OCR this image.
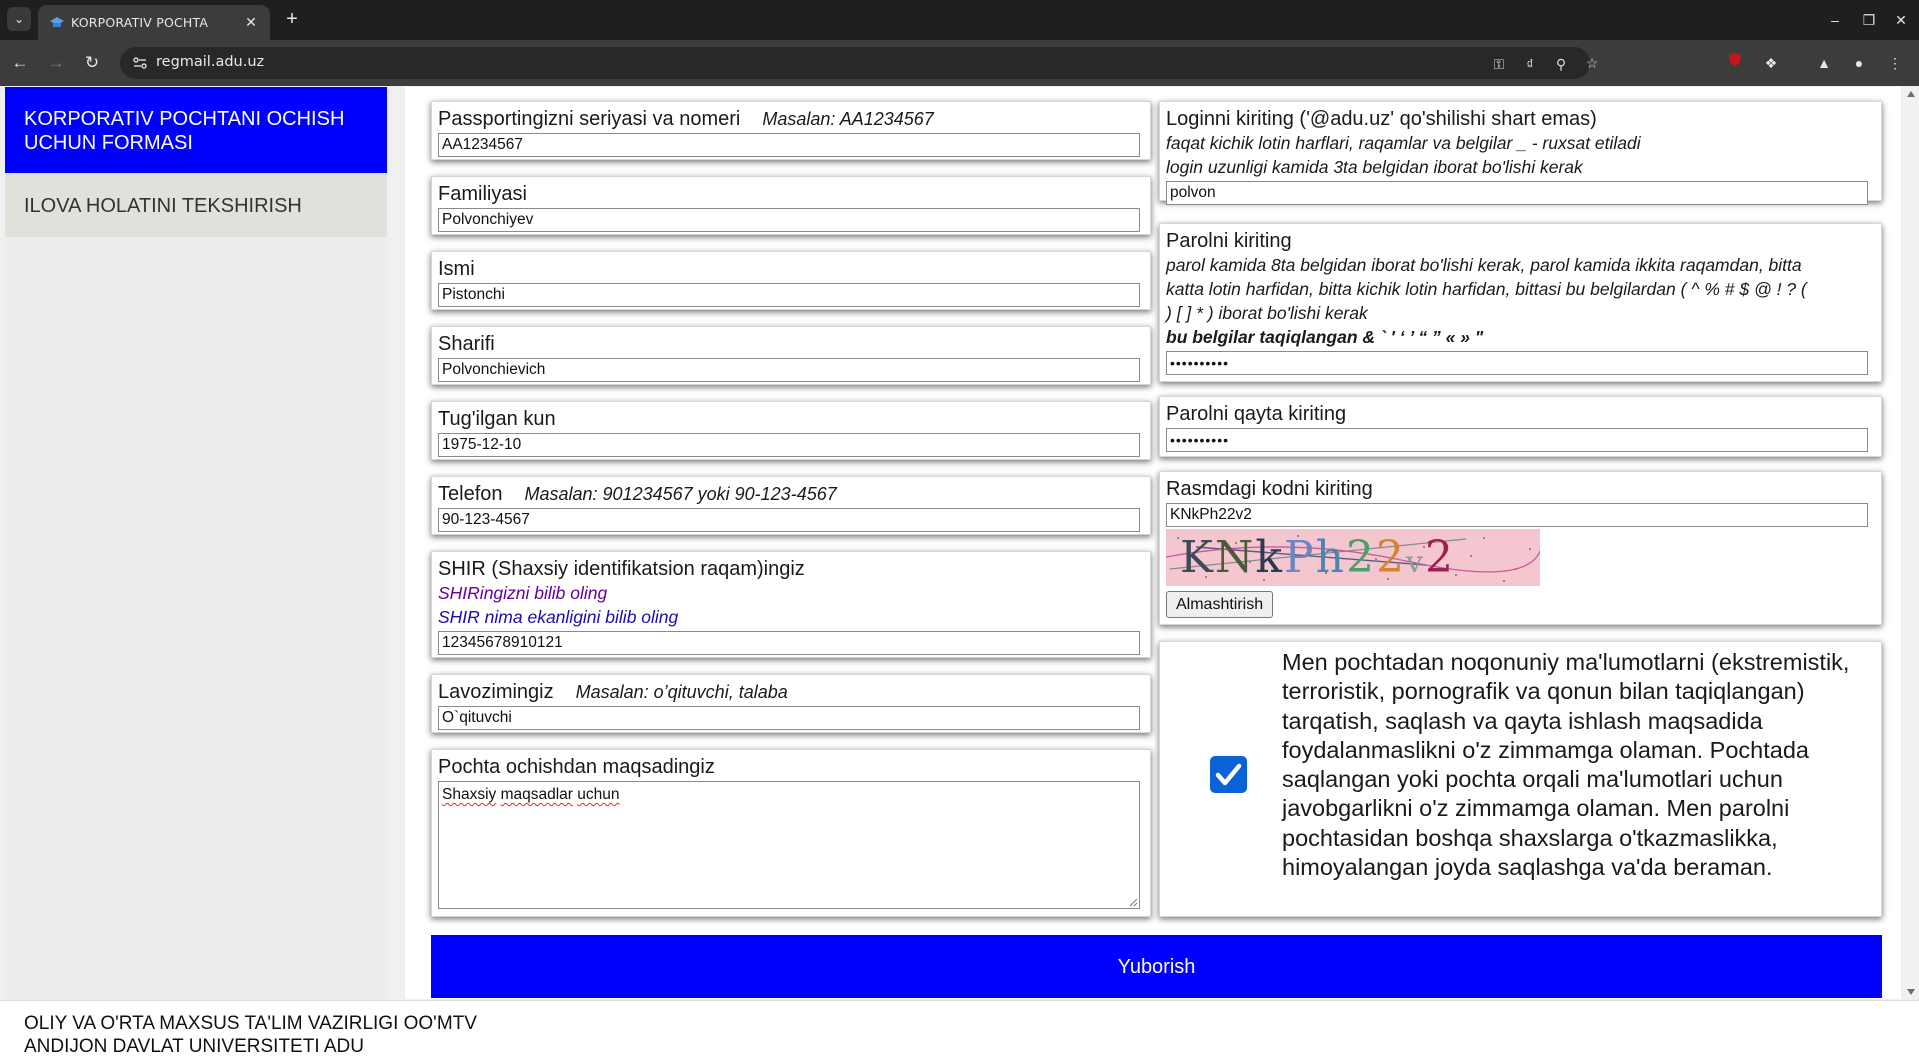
⌄	KORPORATIV POCHTA	✕	+	–	❐	✕
← → ↻	regmail.adu.uz	⚿	₫	⚲ ☆	❖	▲	●	⋮
KORPORATIV POCHTANI OCHISH UCHUN FORMASI
ILOVA HOLATINI TEKSHIRISH
Passportingizni seriyasi va nomeri Masalan: AA1234567
AA1234567
Familiyasi
Polvonchiyev
Ismi
Pistonchi
Sharifi
Polvonchievich
Tug'ilgan kun
1975-12-10
Telefon Masalan: 901234567 yoki 90-123-4567
90-123-4567
SHIR (Shaxsiy identifikatsion raqam)ingiz
SHIRingizni bilib oling
SHIR nima ekanligini bilib oling
12345678910121
Lavozimingiz Masalan: o’qituvchi, talaba
O`qituvchi
Pochta ochishdan maqsadingiz
Shaxsiy maqsadlar uchun
Loginni kiriting ('@adu.uz' qo'shilishi shart emas)
faqat kichik lotin harflari, raqamlar va belgilar _ - ruxsat etiladi
login uzunligi kamida 3ta belgidan iborat bo'lishi kerak
polvon
Parolni kiriting
parol kamida 8ta belgidan iborat bo'lishi kerak, parol kamida ikkita raqamdan, bitta
katta lotin harfidan, bitta kichik lotin harfidan, bittasi bu belgilardan ( ^ % # $ @ ! ? (
) [ ] * ) iborat bo'lishi kerak
bu belgilar taqiqlangan & ` ' ‘ ’ “ ” « » "
••••••••••
Parolni qayta kiriting
••••••••••
Rasmdagi kodni kiriting
KNkPh22v2
KNkPh22v2
Almashtirish
Men pochtadan noqonuniy ma'lumotlarni (ekstremistik, terroristik, pornografik va qonun bilan taqiqlangan) tarqatish, saqlash va qayta ishlash maqsadida foydalanmaslikni o'z zimmamga olaman. Pochtada saqlangan yoki pochta orqali ma'lumotlari uchun javobgarlikni o'z zimmamga olaman. Men parolni pochtasidan boshqa shaxslarga o'tkazmaslikka, himoyalangan joyda saqlashga va'da beraman.
Yuborish
OLIY VA O'RTA MAXSUS TA'LIM VAZIRLIGI OO'MTV
ANDIJON DAVLAT UNIVERSITETI ADU
